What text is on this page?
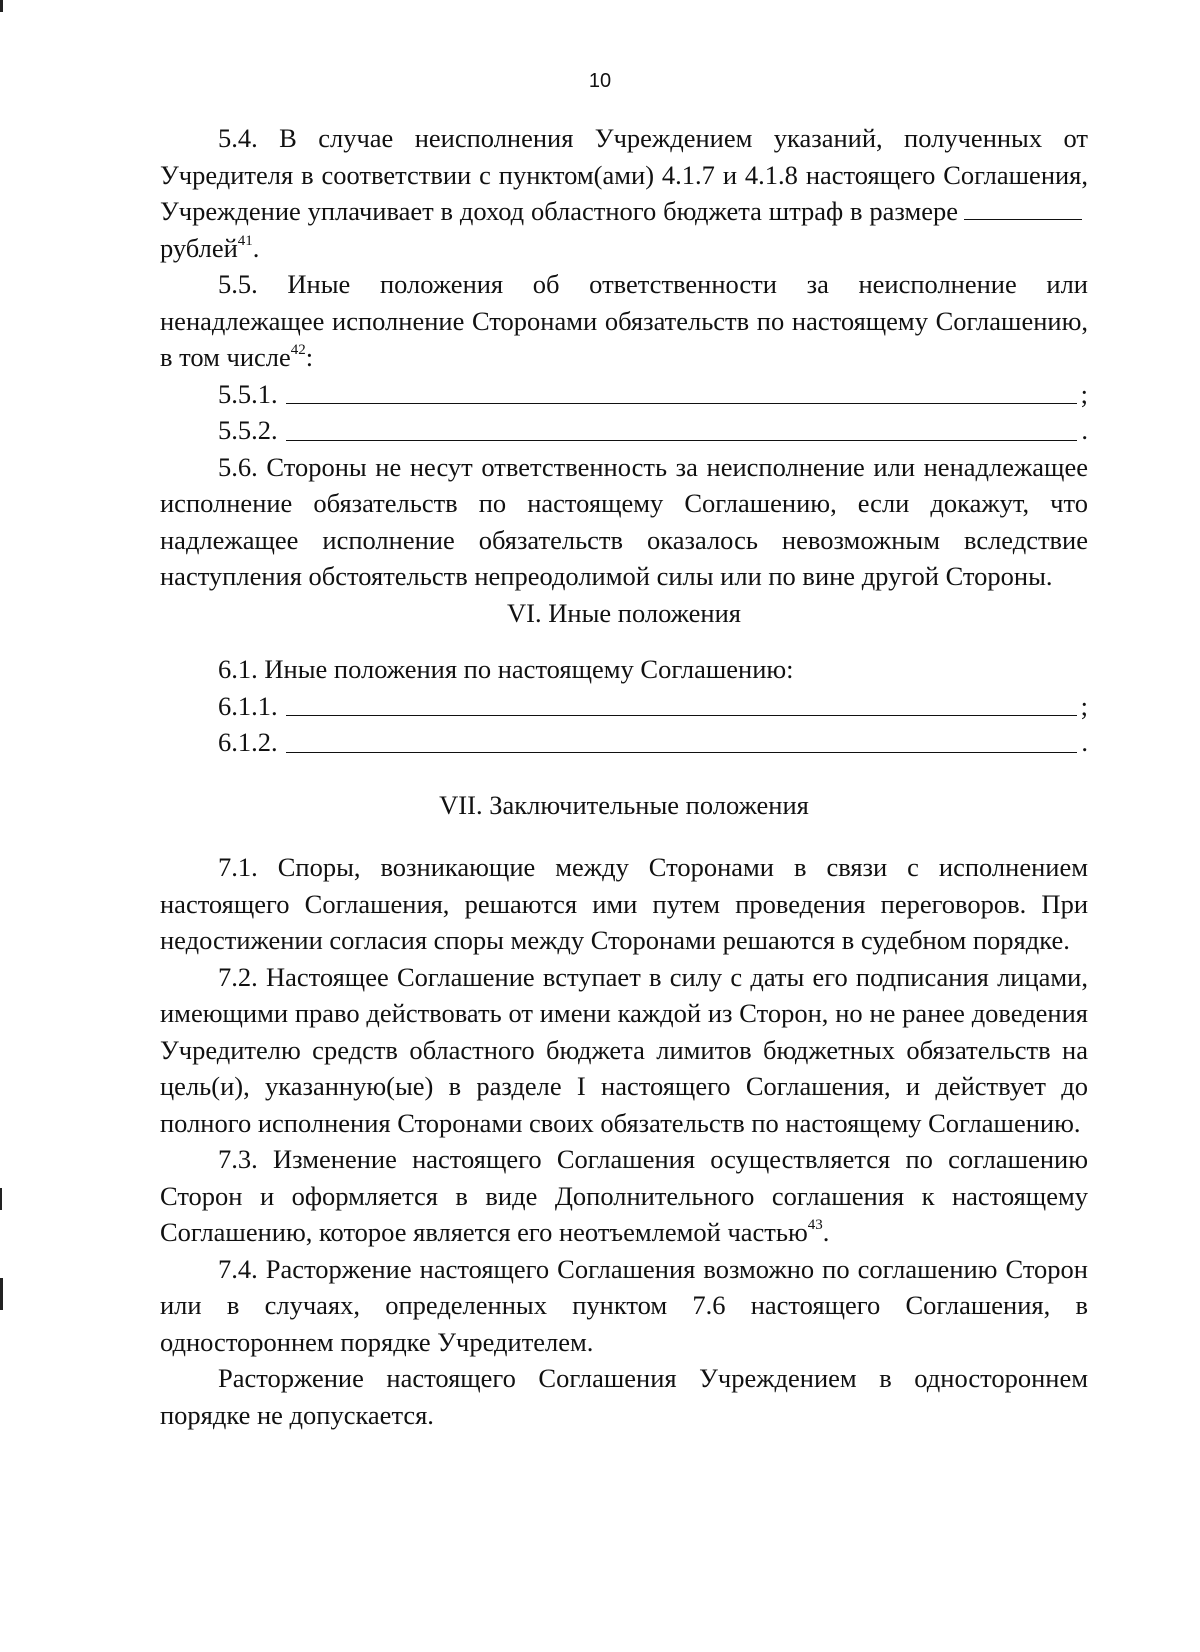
10

5.4. В случае неисполнения Учреждением указаний, полученных от Учредителя в соответствии с пунктом(ами) 4.1.7 и 4.1.8 настоящего Соглашения, Учреждение уплачивает в доход областного бюджета штраф в размерерублей$^{41}$.

5.5. Иные положения об ответственности за неисполнение или ненадлежащее исполнение Сторонами обязательств по настоящему Соглашению, в том числе$^{42}$:

5.5.1.	;
5.5.2.	.

5.6. Стороны не несут ответственность за неисполнение или ненадлежащее исполнение обязательств по настоящему Соглашению, если докажут, что надлежащее исполнение обязательств оказалось невозможным вследствие наступления обстоятельств непреодолимой силы или по вине другой Стороны.

VI. Иные положения

6.1. Иные положения по настоящему Соглашению:

6.1.1.	;
6.1.2.	.

VII. Заключительные положения

7.1. Споры, возникающие между Сторонами в связи с исполнением настоящего Соглашения, решаются ими путем проведения переговоров. При недостижении согласия споры между Сторонами решаются в судебном порядке.

7.2. Настоящее Соглашение вступает в силу с даты его подписания лицами, имеющими право действовать от имени каждой из Сторон, но не ранее доведения Учредителю средств областного бюджета лимитов бюджетных обязательств на цель(и), указанную(ые) в разделе I настоящего Соглашения, и действует до полного исполнения Сторонами своих обязательств по настоящему Соглашению.

7.3. Изменение настоящего Соглашения осуществляется по соглашению Сторон и оформляется в виде Дополнительного соглашения к настоящему Соглашению, которое является его неотъемлемой частью$^{43}$.

7.4. Расторжение настоящего Соглашения возможно по соглашению Сторон или в случаях, определенных пунктом 7.6 настоящего Соглашения, в одностороннем порядке Учредителем.

Расторжение настоящего Соглашения Учреждением в одностороннем порядке не допускается.
